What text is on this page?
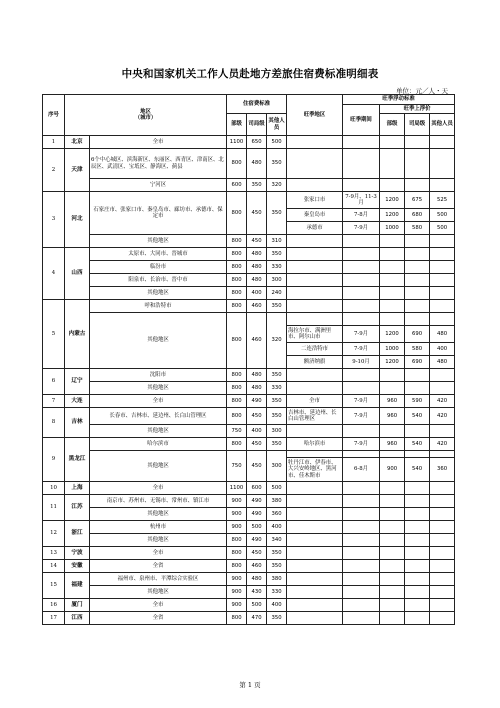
中央和国家机关工作人员赴地方差旅住宿费标准明细表
单位：元／人・天
序号	地区
（城市）		住宿费标准			旺季地区	旺季浮动标准			
							旺季期间	旺季上浮价		
			部级	司局级	其他人员			部级	司局级	其他人员
1	北京	全市	1100	650	500					
2	天津	6个中心城区、滨海新区、东丽区、西青区、津南区、北辰区、武清区、宝坻区、静海区、蓟县	800	480	350					
		宁河区	600	350	320					
3	河北	石家庄市、张家口市、秦皇岛市、廊坊市、承德市、保定市	800	450	350	张家口市	7-9月、11-3月	1200	675	525
						秦皇岛市	7-8月	1200	680	500
						承德市	7-9月	1000	580	500
		其他地区	800	450	310					
4	山西	太原市、大同市、晋城市	800	480	350					
		临汾市	800	480	330					
		阳泉市、长治市、晋中市	800	480	300					
		其他地区	800	400	240					
5	内蒙古	呼和浩特市	800	460	350					
		其他地区	800	460	320					
						海拉尔市、满洲里市、阿尔山市	7-9月	1200	690	480
						二连浩特市	7-9月	1000	580	400
						额济纳旗	9-10月	1200	690	480
6	辽宁	沈阳市	800	480	350					
		其他地区	800	480	330					
7	大连	全市	800	490	350	全市	7-9月	960	590	420
8	吉林	长春市、吉林市、延边州、长白山管理区	800	450	350	吉林市、延边州、长白山管理区	7-9月	960	540	420
		其他地区	750	400	300					
9	黑龙江	哈尔滨市	800	450	350	哈尔滨市	7-9月	960	540	420
		其他地区	750	450	300					
						牡丹江市、伊春市、大兴安岭地区、黑河市、佳木斯市	6-8月	900	540	360
10	上海	全市	1100	600	500					
11	江苏	南京市、苏州市、无锡市、常州市、镇江市	900	490	380					
		其他地区	900	490	360					
12	浙江	杭州市	900	500	400					
		其他地区	800	490	340					
13	宁波	全市	800	450	350					
14	安徽	全省	800	460	350					
15	福建	福州市、泉州市、平潭综合实验区	900	480	380					
		其他地区	900	430	330					
16	厦门	全市	900	500	400					
17	江西	全省	800	470	350					
第 1 页
